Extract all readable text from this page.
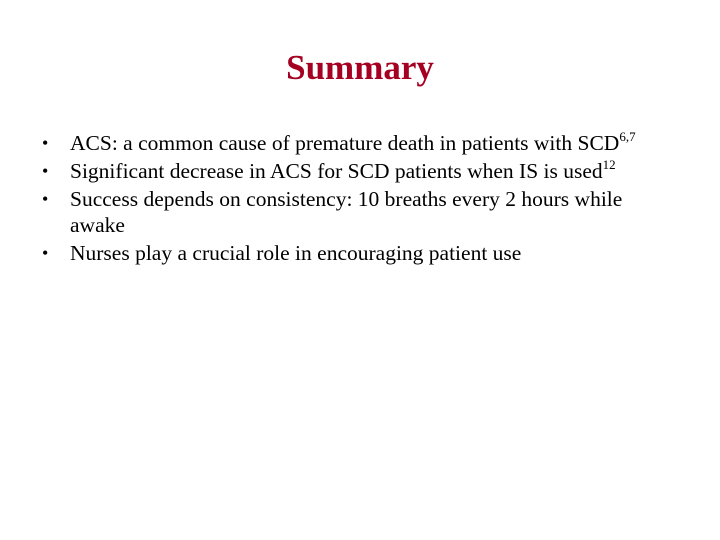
Summary
• ACS: a common cause of premature death in patients with SCD$^{6,7}$
• Significant decrease in ACS for SCD patients when IS is used$^{12}$
• Success depends on consistency: 10 breaths every 2 hours while awake
• Nurses play a crucial role in encouraging patient use
